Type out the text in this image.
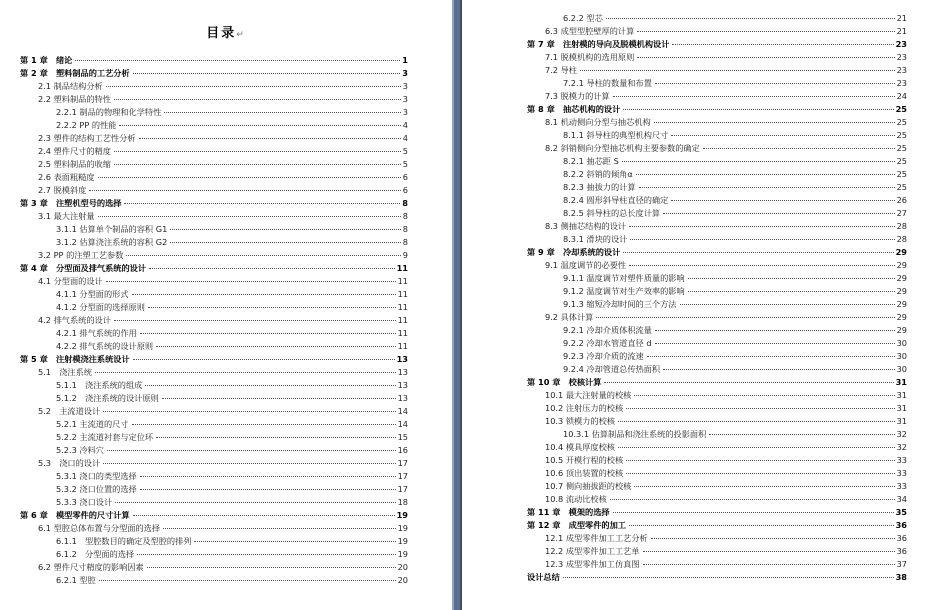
目录↵
第 1 章　绪论	1
第 2 章　塑料制品的工艺分析	3
2.1 制品结构分析	3
2.2 塑料制品的特性	3
2.2.1 制品的物理和化学特性	3
2.2.2 PP 的性能	4
2.3 塑件的结构工艺性分析	4
2.4 塑件尺寸的精度	5
2.5 塑料制品的收缩	5
2.6 表面粗糙度	6
2.7 脱模斜度	6
第 3 章　注塑机型号的选择	8
3.1 最大注射量	8
3.1.1 估算单个制品的容积 G1	8
3.1.2 估算浇注系统的容积 G2	8
3.2 PP 的注塑工艺参数	9
第 4 章　分型面及排气系统的设计	11
4.1 分型面的设计	11
4.1.1 分型面的形式	11
4.1.2 分型面的选择原则	11
4.2 排气系统的设计	11
4.2.1 排气系统的作用	11
4.2.2 排气系统的设计原则	11
第 5 章　注射模浇注系统设计	13
5.1　浇注系统	13
5.1.1　浇注系统的组成	13
5.1.2　浇注系统的设计原则	13
5.2　主流道设计	14
5.2.1 主流道的尺寸	14
5.2.2 主流道衬套与定位环	15
5.2.3 冷料穴	16
5.3　浇口的设计	17
5.3.1 浇口的类型选择	17
5.3.2 浇口位置的选择	17
5.3.3 浇口设计	18
第 6 章　模型零件的尺寸计算	19
6.1 型腔总体布置与分型面的选择	19
6.1.1　型腔数目的确定及型腔的排列	19
6.1.2　分型面的选择	19
6.2 塑件尺寸精度的影响因素	20
6.2.1 型腔	20
6.2.2 型芯	21
6.3 成型型腔壁厚的计算	21
第 7 章　注射模的导向及脱模机构设计	23
7.1 脱模机构的选用原则	23
7.2 导柱	23
7.2.1 导柱的数量和布置	23
7.3 脱模力的计算	24
第 8 章　抽芯机构的设计	25
8.1 机动侧向分型与抽芯机构	25
8.1.1 斜导柱的典型机构尺寸	25
8.2 斜销侧向分型抽芯机构主要参数的确定	25
8.2.1 抽芯距 S	25
8.2.2 斜销的倾角α	25
8.2.3 抽拔力的计算	25
8.2.4 圆形斜导柱直径的确定	26
8.2.5 斜导柱的总长度计算	27
8.3 侧抽芯结构的设计	28
8.3.1 滑块的设计	28
第 9 章　冷却系统的设计	29
9.1 温度调节的必要性	29
9.1.1 温度调节对塑件质量的影响	29
9.1.2 温度调节对生产效率的影响	29
9.1.3 缩短冷却时间的三个方法	29
9.2 具体计算	29
9.2.1 冷却介质体积流量	29
9.2.2 冷却水管道直径 d	30
9.2.3 冷却介质的流速	30
9.2.4 冷却管道总传热面积	30
第 10 章　校核计算	31
10.1 最大注射量的校核	31
10.2 注射压力的校核	31
10.3 锁模力的校核	31
10.3.1 估算制品和浇注系统的投影面积	32
10.4 模具厚度校核	32
10.5 开模行程的校核	33
10.6 顶出装置的校核	33
10.7 侧向抽拔距的校核	33
10.8 流动比校核	34
第 11 章　模架的选择	35
第 12 章　成型零件的加工	36
12.1 成型零件加工工艺分析	36
12.2 成型零件加工工艺单	36
12.3 成型零件加工仿真图	37
设计总结	38
